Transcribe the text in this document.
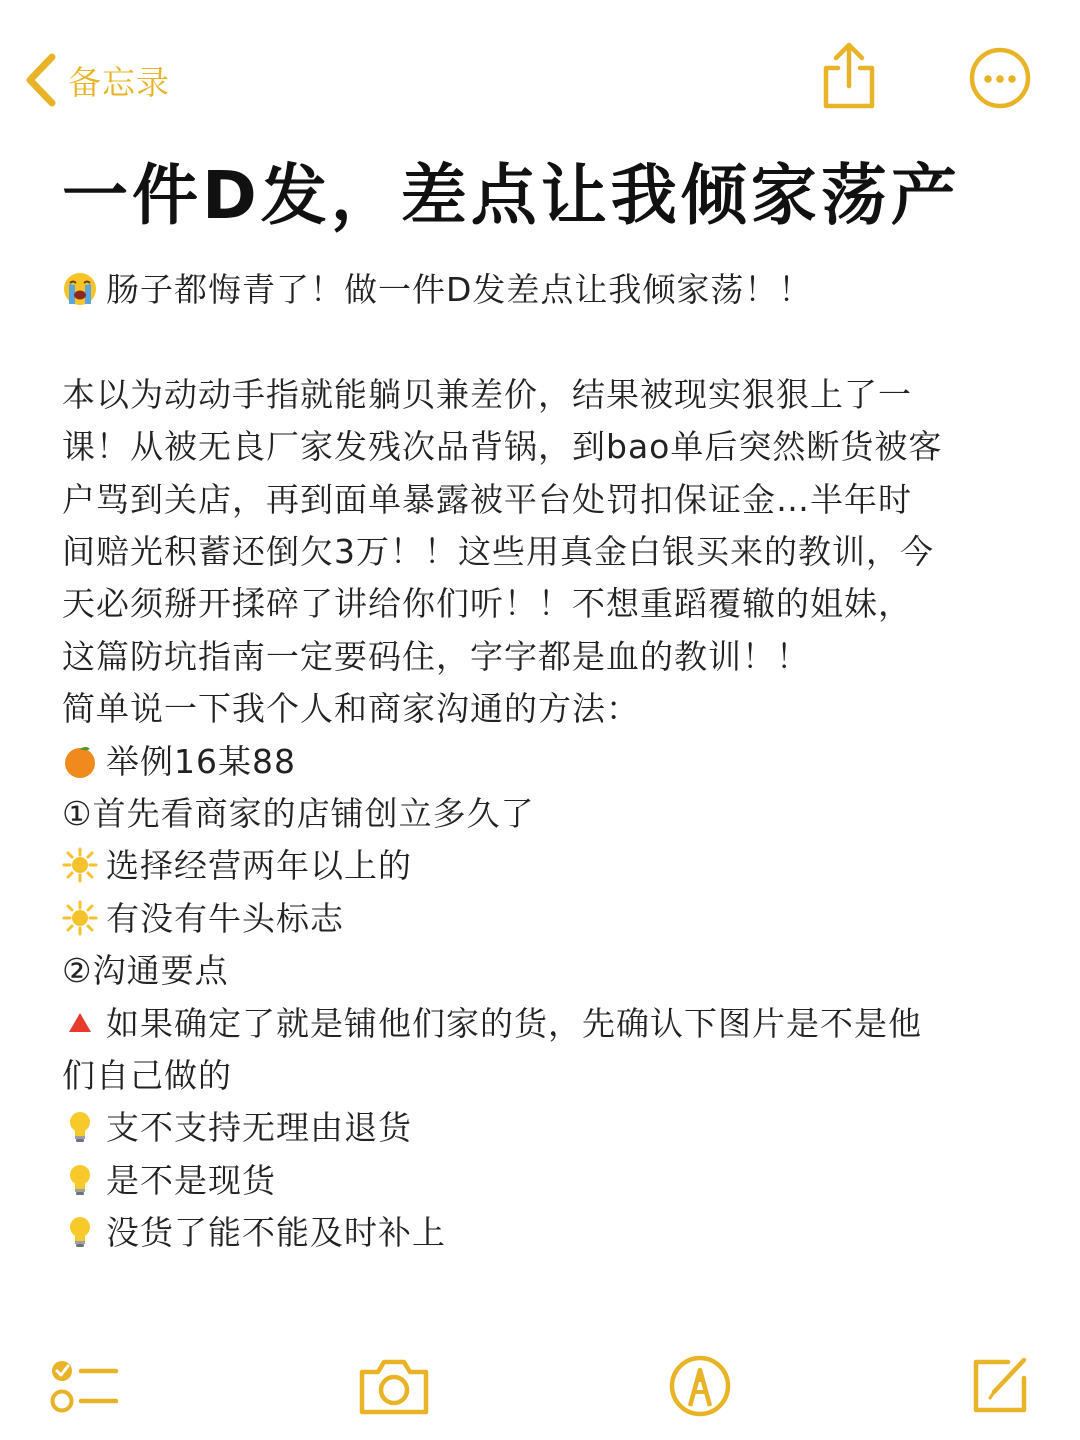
备忘录
一件D发，差点让我倾家荡产
肠子都悔青了！做一件D发差点让我倾家荡！！
本以为动动手指就能躺贝兼差价，结果被现实狠狠上了一
课！从被无良厂家发残次品背锅，到bao单后突然断货被客
户骂到关店，再到面单暴露被平台处罚扣保证金…半年时
间赔光积蓄还倒欠3万！！这些用真金白银买来的教训，今
天必须掰开揉碎了讲给你们听！！不想重蹈覆辙的姐妹，
这篇防坑指南一定要码住，字字都是血的教训！！
简单说一下我个人和商家沟通的方法：
举例16某88
①首先看商家的店铺创立多久了
选择经营两年以上的
有没有牛头标志
②沟通要点
如果确定了就是铺他们家的货，先确认下图片是不是他
们自己做的
支不支持无理由退货
是不是现货
没货了能不能及时补上
